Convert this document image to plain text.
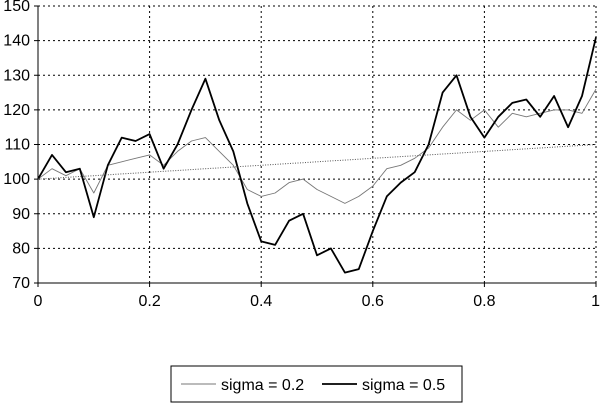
0	0.2	0.4	0.6	0.8	1
70
80
90
100
110
120
130
140
150
sigma = 0.2	sigma = 0.5
